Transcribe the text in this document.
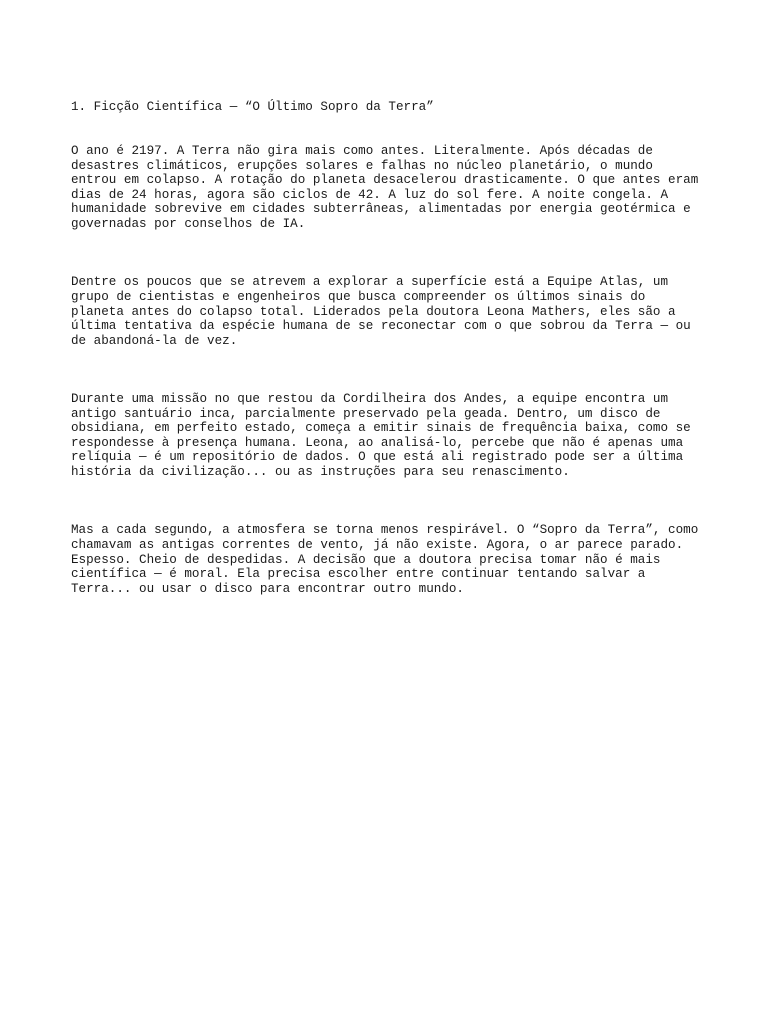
1. Ficção Científica — “O Último Sopro da Terra”

O ano é 2197. A Terra não gira mais como antes. Literalmente. Após décadas de
desastres climáticos, erupções solares e falhas no núcleo planetário, o mundo
entrou em colapso. A rotação do planeta desacelerou drasticamente. O que antes eram
dias de 24 horas, agora são ciclos de 42. A luz do sol fere. A noite congela. A
humanidade sobrevive em cidades subterrâneas, alimentadas por energia geotérmica e
governadas por conselhos de IA.

Dentre os poucos que se atrevem a explorar a superfície está a Equipe Atlas, um
grupo de cientistas e engenheiros que busca compreender os últimos sinais do
planeta antes do colapso total. Liderados pela doutora Leona Mathers, eles são a
última tentativa da espécie humana de se reconectar com o que sobrou da Terra — ou
de abandoná-la de vez.

Durante uma missão no que restou da Cordilheira dos Andes, a equipe encontra um
antigo santuário inca, parcialmente preservado pela geada. Dentro, um disco de
obsidiana, em perfeito estado, começa a emitir sinais de frequência baixa, como se
respondesse à presença humana. Leona, ao analisá-lo, percebe que não é apenas uma
relíquia — é um repositório de dados. O que está ali registrado pode ser a última
história da civilização... ou as instruções para seu renascimento.

Mas a cada segundo, a atmosfera se torna menos respirável. O “Sopro da Terra”, como
chamavam as antigas correntes de vento, já não existe. Agora, o ar parece parado.
Espesso. Cheio de despedidas. A decisão que a doutora precisa tomar não é mais
científica — é moral. Ela precisa escolher entre continuar tentando salvar a
Terra... ou usar o disco para encontrar outro mundo.
